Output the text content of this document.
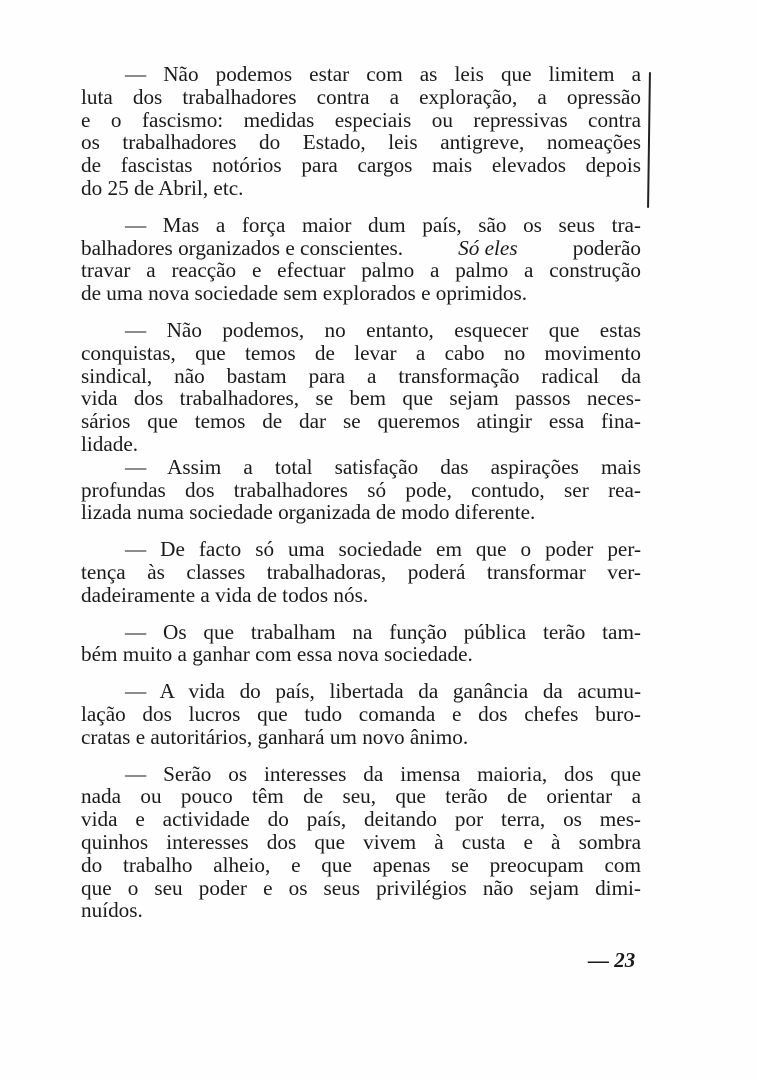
— Não podemos estar com as leis que limitem a
luta dos trabalhadores contra a exploração, a opressão
e o fascismo: medidas especiais ou repressivas contra
os trabalhadores do Estado, leis antigreve, nomeações
de fascistas notórios para cargos mais elevados depois
do 25 de Abril, etc.
— Mas a força maior dum país, são os seus tra-
balhadores organizados e conscientes.	Só eles	poderão
travar a reacção e efectuar palmo a palmo a construção
de uma nova sociedade sem explorados e oprimidos.
— Não podemos, no entanto, esquecer que estas
conquistas, que temos de levar a cabo no movimento
sindical, não bastam para a transformação radical da
vida dos trabalhadores, se bem que sejam passos neces-
sários que temos de dar se queremos atingir essa fina-
lidade.
— Assim a total satisfação das aspirações mais
profundas dos trabalhadores só pode, contudo, ser rea-
lizada numa sociedade organizada de modo diferente.
— De facto só uma sociedade em que o poder per-
tença às classes trabalhadoras, poderá transformar ver-
dadeiramente a vida de todos nós.
— Os que trabalham na função pública terão tam-
bém muito a ganhar com essa nova sociedade.
— A vida do país, libertada da ganância da acumu-
lação dos lucros que tudo comanda e dos chefes buro-
cratas e autoritários, ganhará um novo ânimo.
— Serão os interesses da imensa maioria, dos que
nada ou pouco têm de seu, que terão de orientar a
vida e actividade do país, deitando por terra, os mes-
quinhos interesses dos que vivem à custa e à sombra
do trabalho alheio, e que apenas se preocupam com
que o seu poder e os seus privilégios não sejam dimi-
nuídos.
— 23
